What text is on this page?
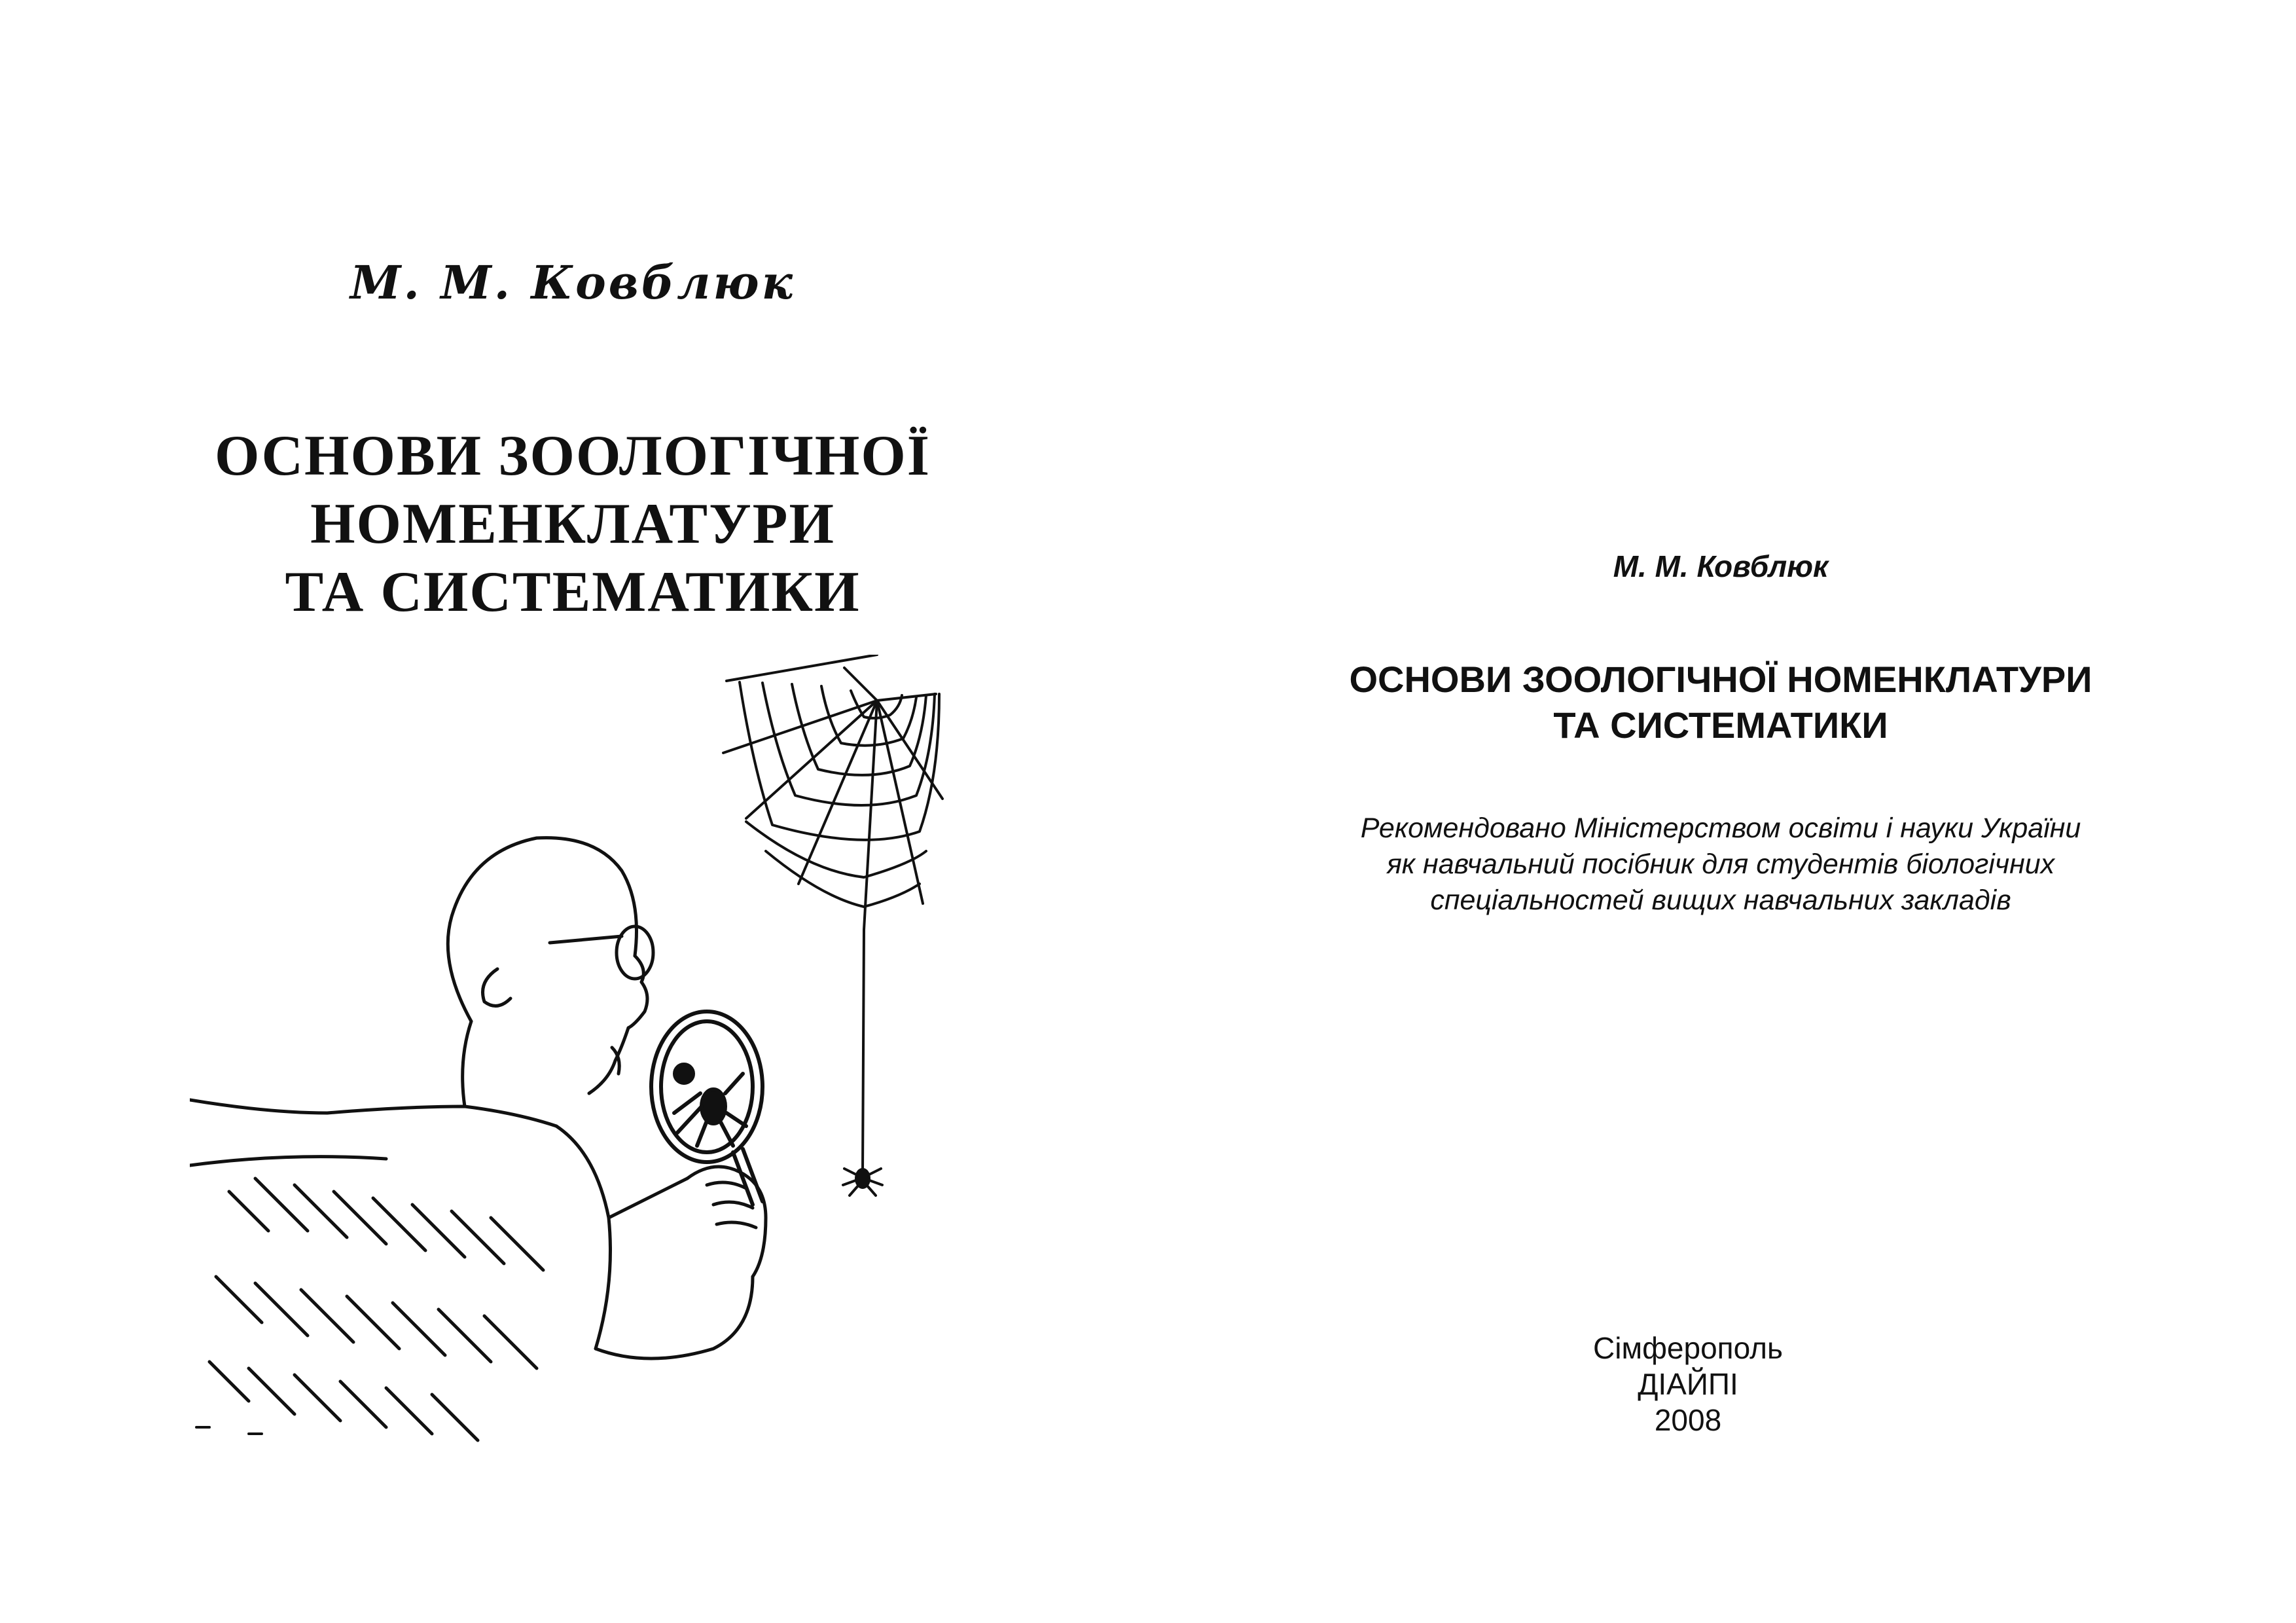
М. М. Ковблюк
ОСНОВИ ЗООЛОГІЧНОЇ
НОМЕНКЛАТУРИ
ТА СИСТЕМАТИКИ	М. М. Ковблюк
ОСНОВИ ЗООЛОГІЧНОЇ НОМЕНКЛАТУРИ
ТА СИСТЕМАТИКИ
Рекомендовано Міністерством освіти і науки України
як навчальний посібник для студентів біологічних
спеціальностей вищих навчальних закладів
Сімферополь
ДІАЙПІ
2008
